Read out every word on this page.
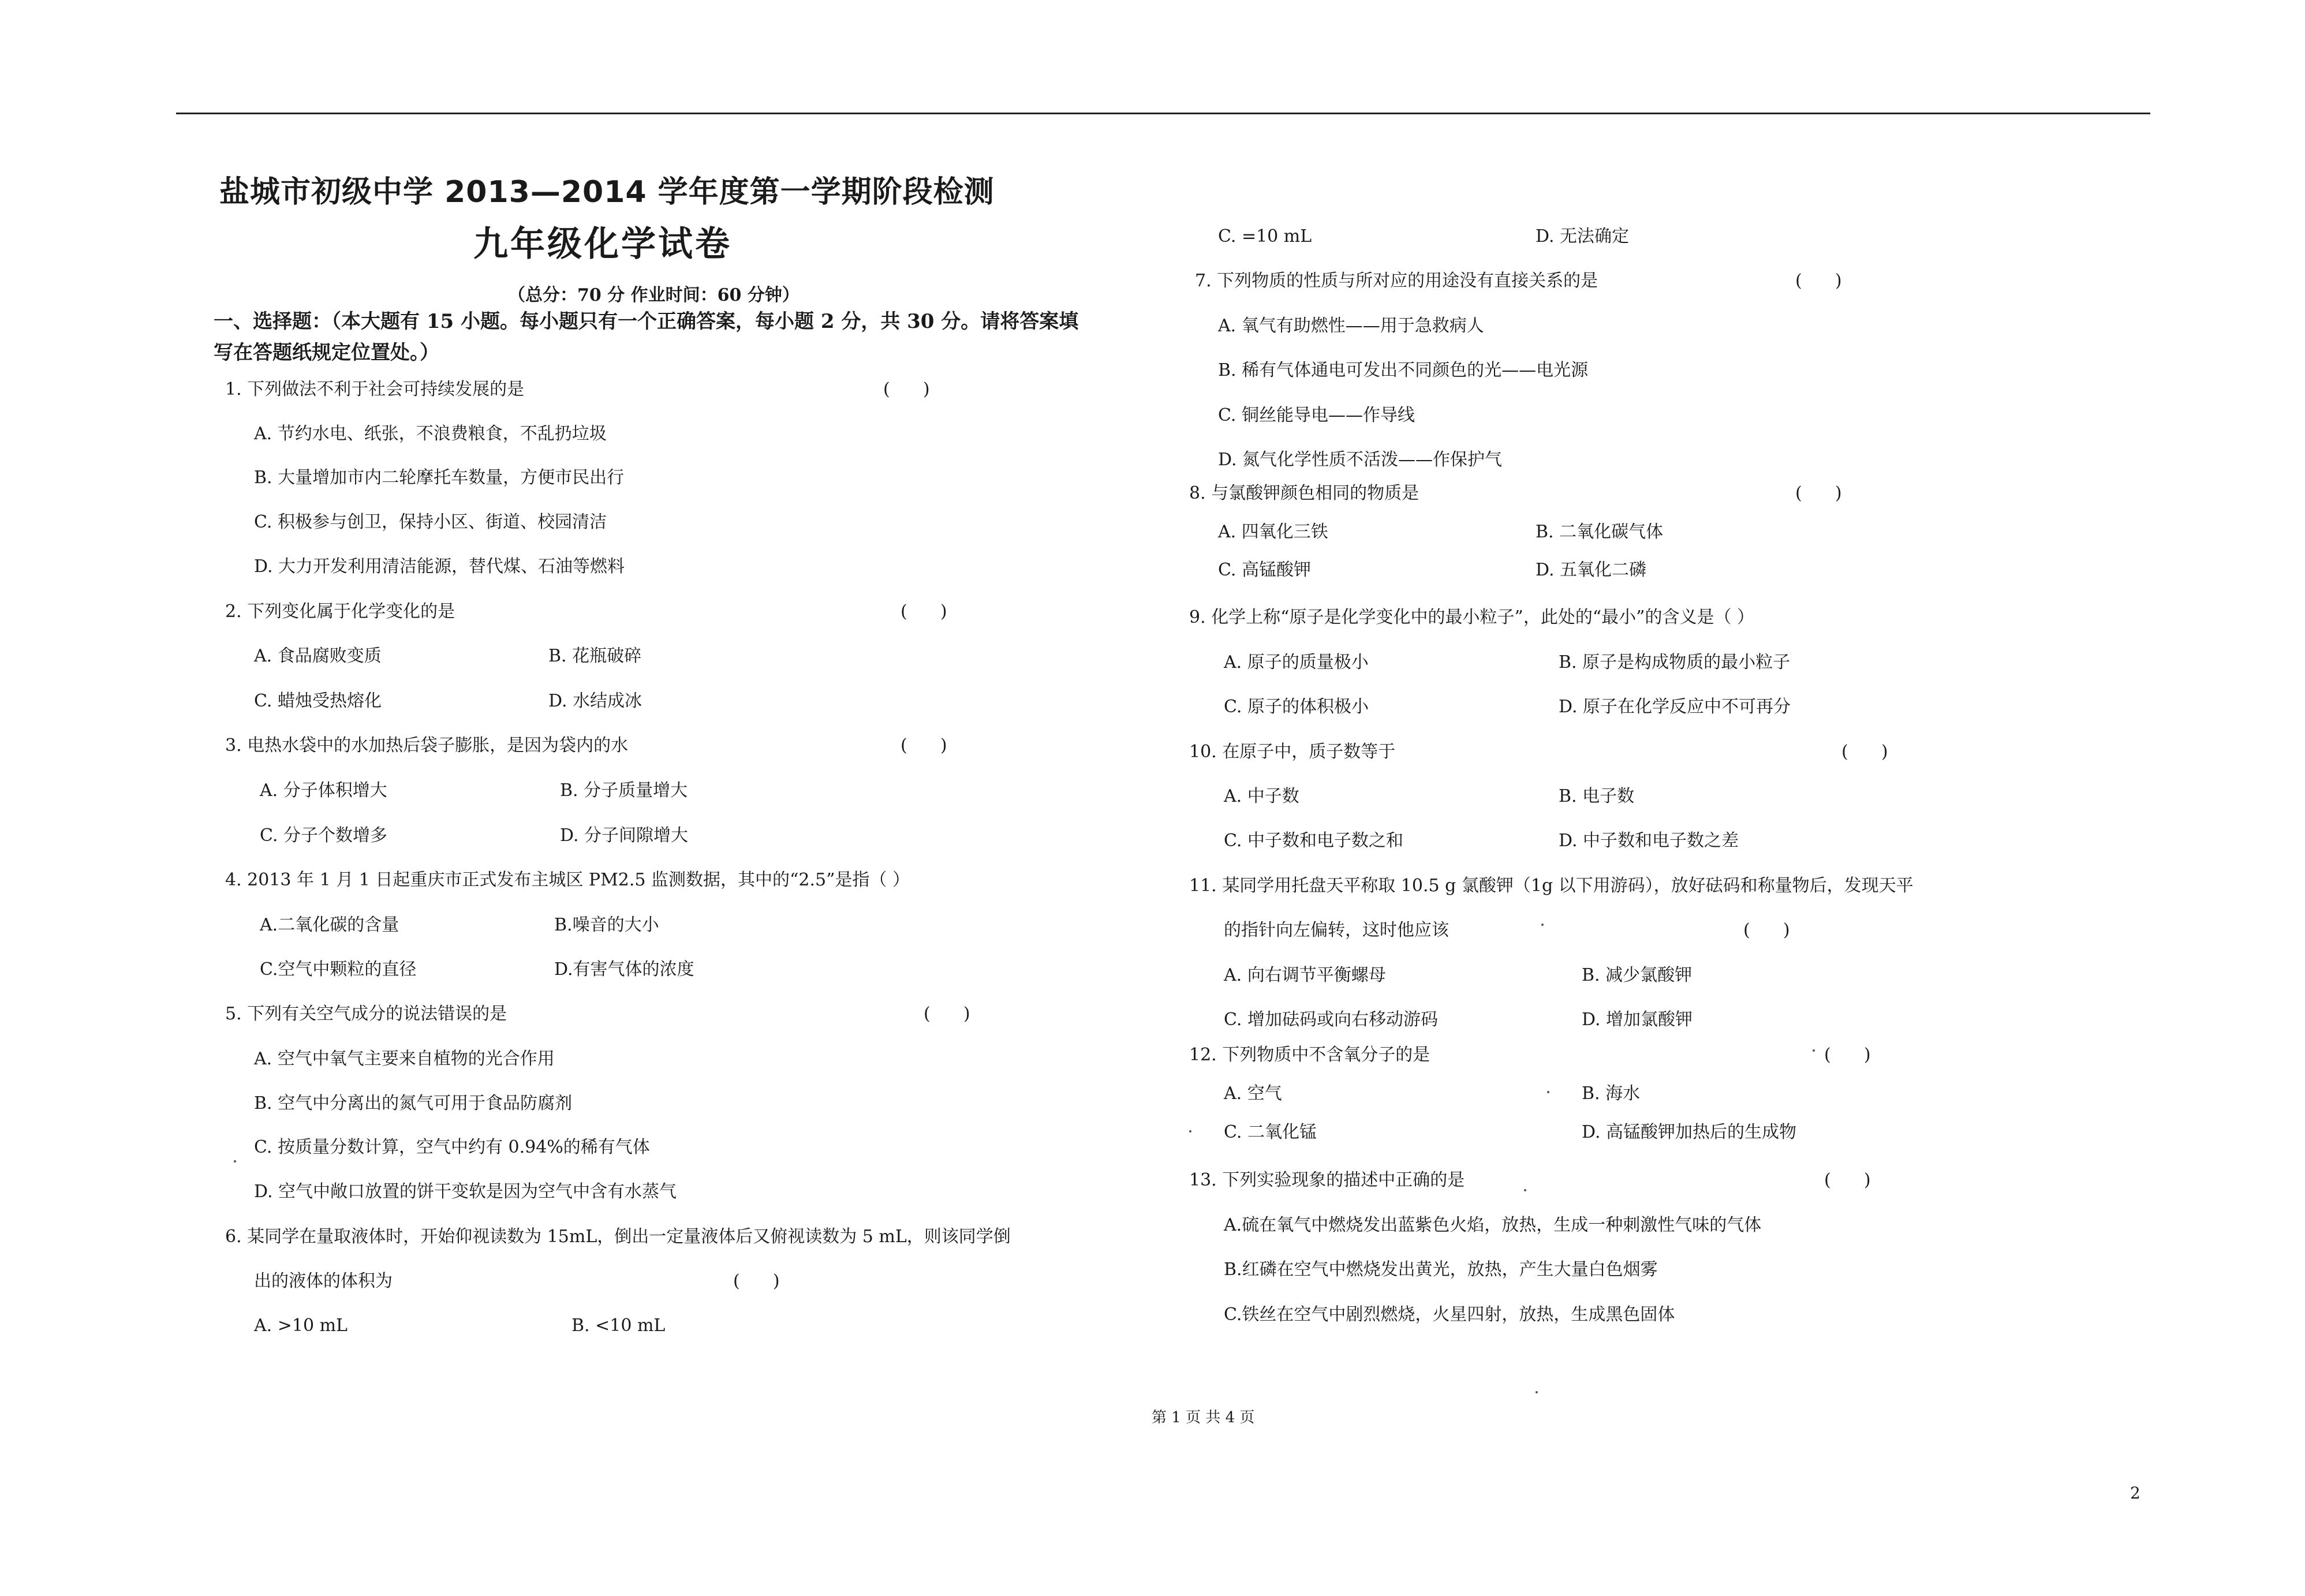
盐城市初级中学 2013—2014 学年度第一学期阶段检测
九年级化学试卷
（总分：70 分 作业时间：60 分钟）
一、选择题：（本大题有 15 小题。每小题只有一个正确答案，每小题 2 分，共 30 分。请将答案填写在答题纸规定位置处。）
1. 下列做法不利于社会可持续发展的是	(      )
A. 节约水电、纸张，不浪费粮食，不乱扔垃圾
B. 大量增加市内二轮摩托车数量，方便市民出行
C. 积极参与创卫，保持小区、街道、校园清洁
D. 大力开发利用清洁能源，替代煤、石油等燃料
2. 下列变化属于化学变化的是	(      )
A. 食品腐败变质	B. 花瓶破碎
C. 蜡烛受热熔化	D. 水结成冰
3. 电热水袋中的水加热后袋子膨胀，是因为袋内的水	(      )
A. 分子体积增大	B. 分子质量增大
C. 分子个数增多	D. 分子间隙增大
4. 2013 年 1 月 1 日起重庆市正式发布主城区 PM2.5 监测数据，其中的“2.5”是指（ ）
A.二氧化碳的含量	B.噪音的大小
C.空气中颗粒的直径	D.有害气体的浓度
5. 下列有关空气成分的说法错误的是	(      )
A. 空气中氧气主要来自植物的光合作用
B. 空气中分离出的氮气可用于食品防腐剂
C. 按质量分数计算，空气中约有 0.94%的稀有气体
D. 空气中敞口放置的饼干变软是因为空气中含有水蒸气
6. 某同学在量取液体时，开始仰视读数为 15mL，倒出一定量液体后又俯视读数为 5 mL，则该同学倒
出的液体的体积为	(      )
A. >10 mL	B. <10 mL
C. =10 mL	D. 无法确定
7. 下列物质的性质与所对应的用途没有直接关系的是	(      )
A. 氧气有助燃性——用于急救病人
B. 稀有气体通电可发出不同颜色的光——电光源
C. 铜丝能导电——作导线
D. 氮气化学性质不活泼——作保护气
8. 与氯酸钾颜色相同的物质是	(      )
A. 四氧化三铁	B. 二氧化碳气体
C. 高锰酸钾	D. 五氧化二磷
9. 化学上称“原子是化学变化中的最小粒子”，此处的“最小”的含义是（ ）
A. 原子的质量极小	B. 原子是构成物质的最小粒子
C. 原子的体积极小	D. 原子在化学反应中不可再分
10. 在原子中，质子数等于	(      )
A. 中子数	B. 电子数
C. 中子数和电子数之和	D. 中子数和电子数之差
11. 某同学用托盘天平称取 10.5 g 氯酸钾（1g 以下用游码），放好砝码和称量物后，发现天平
的指针向左偏转，这时他应该	(      )
A. 向右调节平衡螺母	B. 减少氯酸钾
C. 增加砝码或向右移动游码	D. 增加氯酸钾
12. 下列物质中不含氧分子的是	(      )
A. 空气	B. 海水
C. 二氧化锰	D. 高锰酸钾加热后的生成物
13. 下列实验现象的描述中正确的是	(      )
A.硫在氧气中燃烧发出蓝紫色火焰，放热，生成一种刺激性气味的气体
B.红磷在空气中燃烧发出黄光，放热，产生大量白色烟雾
C.铁丝在空气中剧烈燃烧，火星四射，放热，生成黑色固体
第 1 页 共 4 页
2
